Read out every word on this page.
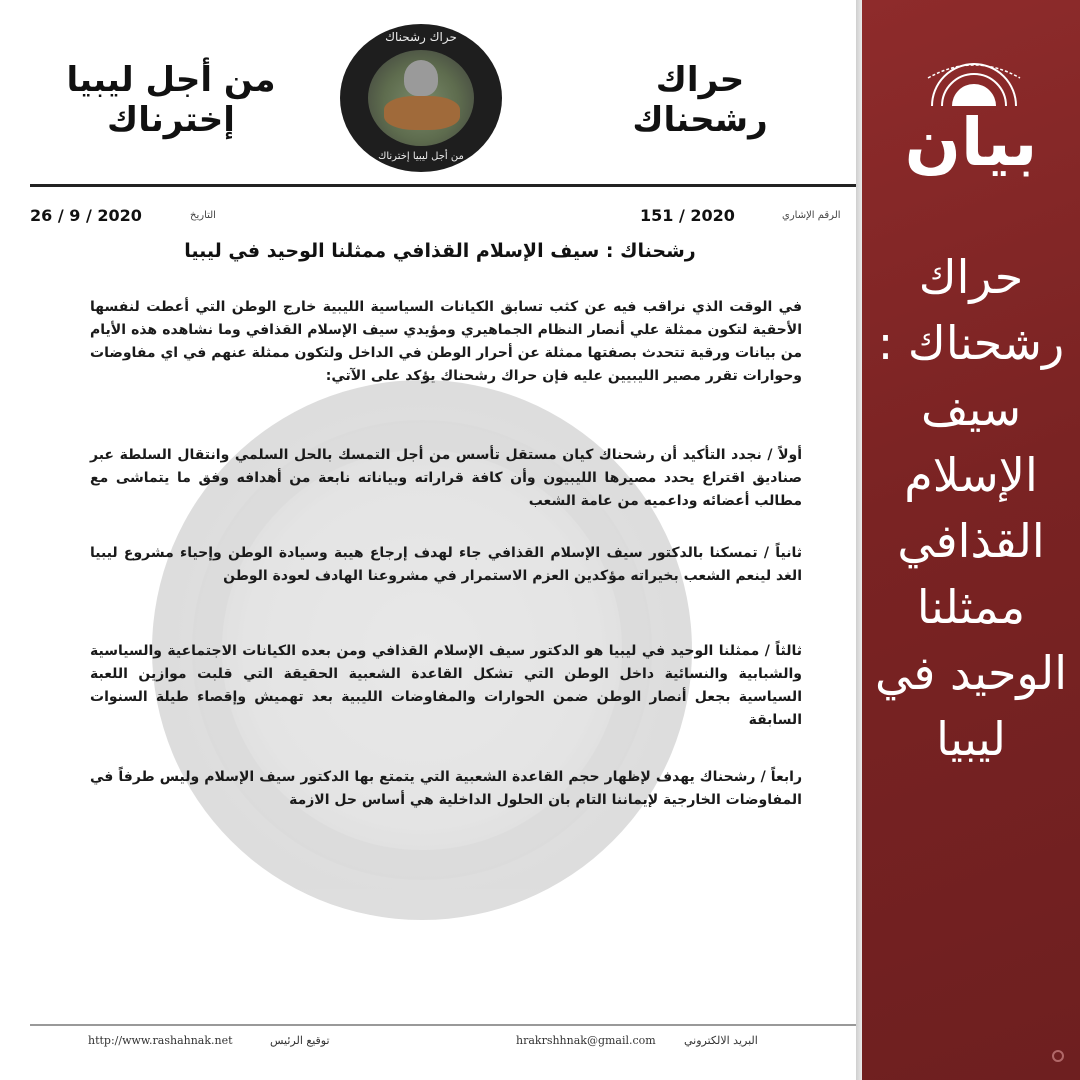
حراك رشحناك
حراك رشحناك
من أجل ليبيا إخترناك
من أجل ليبيا إخترناك
الرقم الإشاري
151 / 2020
التاريخ
26 / 9 / 2020
رشحناك : سيف الإسلام القذافي ممثلنا الوحيد في ليبيا
في الوقت الذي نراقب فيه عن كثب تسابق الكيانات السياسية الليبية خارج الوطن التي أعطت لنفسها الأحقية لتكون ممثلة علي أنصار النظام الجماهيري ومؤيدي سيف الإسلام القذافي وما نشاهده هذه الأيام من بيانات ورقية تتحدث بصفتها ممثلة عن أحرار الوطن في الداخل ولتكون ممثلة عنهم في اي مفاوضات وحوارات تقرر مصير الليبيين عليه فإن حراك رشحناك يؤكد على الآتي:
أولاً / نجدد التأكيد أن رشحناك كيان مستقل تأسس من أجل التمسك بالحل السلمي وانتقال السلطة عبر صناديق اقتراع يحدد مصيرها الليبيون وأن كافة قراراته وبياناته نابعة من أهدافه وفق ما يتماشى مع مطالب أعضائه وداعميه من عامة الشعب
ثانياً / تمسكنا بالدكتور سيف الإسلام القذافي جاء لهدف إرجاع هيبة وسيادة الوطن وإحياء مشروع ليبيا الغد لينعم الشعب بخيراته مؤكدين العزم الاستمرار في مشروعنا الهادف لعودة الوطن
ثالثاً / ممثلنا الوحيد في ليبيا هو الدكتور سيف الإسلام القذافي ومن بعده الكيانات الاجتماعية والسياسية والشبابية والنسائية داخل الوطن التي تشكل القاعدة الشعبية الحقيقة التي قلبت موازين اللعبة السياسية بجعل أنصار الوطن ضمن الحوارات والمفاوضات الليبية بعد تهميش وإقصاء طيلة السنوات السابقة
رابعاً / رشحناك يهدف لإظهار حجم القاعدة الشعبية التي يتمتع بها الدكتور سيف الإسلام وليس طرفاً في المفاوضات الخارجية لإيماننا التام بان الحلول الداخلية هي أساس حل الازمة
البريد الالكتروني
hrakrshhnak@gmail.com
توقيع الرئيس
http://www.rashahnak.net
بيان
حراك رشحناك : سيف الإسلام القذافي ممثلنا الوحيد في ليبيا
